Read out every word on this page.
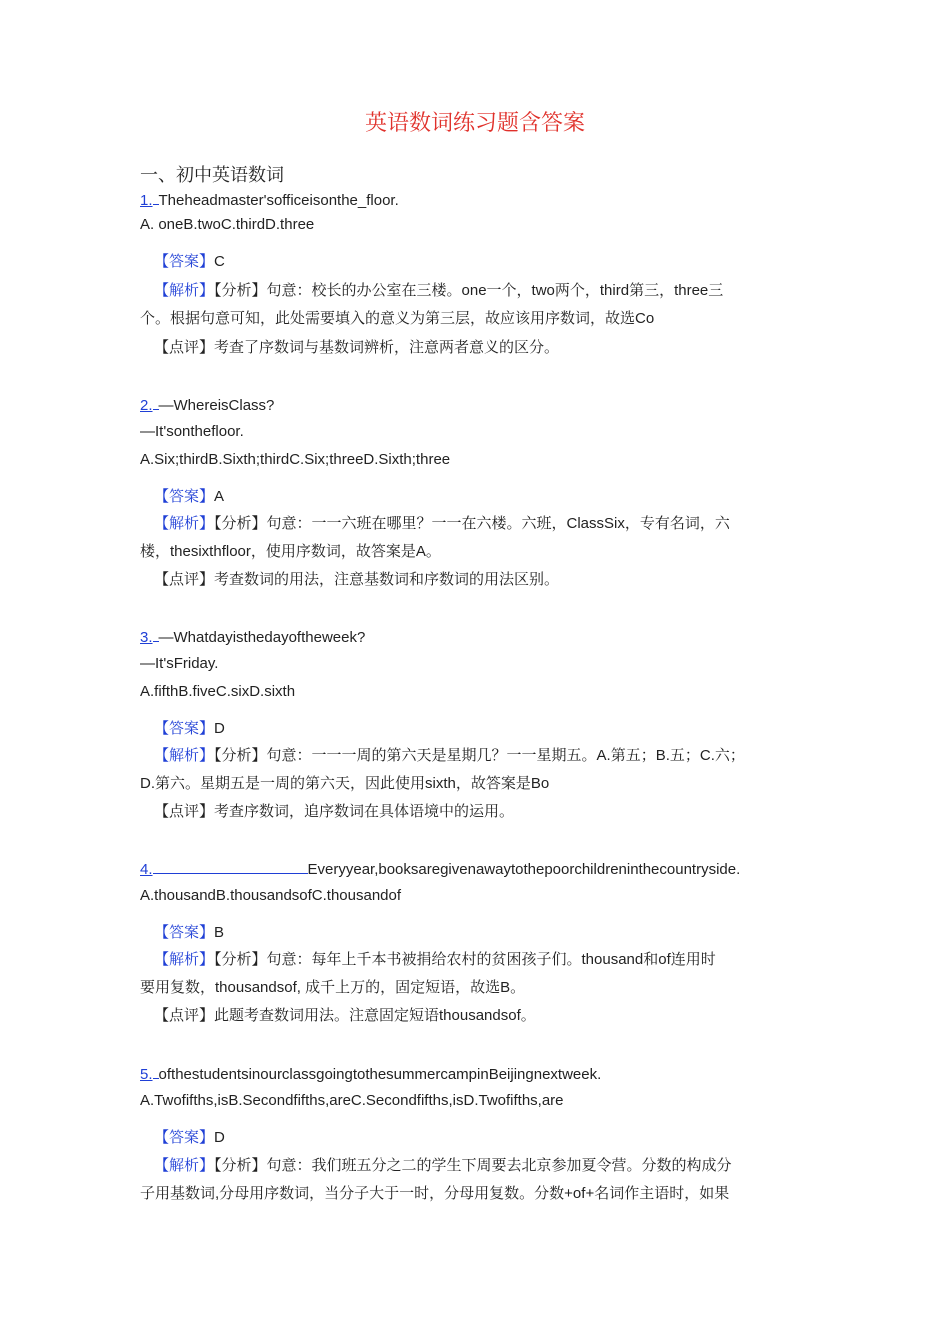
英语数词练习题含答案
一、初中英语数词
1. Theheadmaster'sofficeisonthe_floor.
A. oneB.twoC.thirdD.three
【答案】C
【解析】【分析】句意：校长的办公室在三楼。one一个，two两个，third第三，three三
个。根据句意可知，此处需要填入的意义为第三层，故应该用序数词，故选Co
【点评】考查了序数词与基数词辨析，注意两者意义的区分。
2. —WhereisClass?
—It'sonthefloor.
A.Six;thirdB.Sixth;thirdC.Six;threeD.Sixth;three
【答案】A
【解析】【分析】句意：一一六班在哪里？一一在六楼。六班，ClassSix，专有名词，六
楼，thesixthfloor，使用序数词，故答案是A。
【点评】考查数词的用法，注意基数词和序数词的用法区别。
3. —Whatdayisthedayoftheweek?
—It'sFriday.
A.fifthB.fiveC.sixD.sixth
【答案】D
【解析】【分析】句意：一一一周的第六天是星期几？一一星期五。A.第五；B.五；C.六；
D.第六。星期五是一周的第六天，因此使用sixth，故答案是Bo
【点评】考查序数词，追序数词在具体语境中的运用。
4.	Everyyear,booksaregivenawaytothepoorchildreninthecountryside.
A.thousandB.thousandsofC.thousandof
【答案】B
【解析】【分析】句意：每年上千本书被捐给农村的贫困孩子们。thousand和of连用时
要用复数，thousandsof, 成千上万的，固定短语，故选B。
【点评】此题考查数词用法。注意固定短语thousandsof。
5. ofthestudentsinourclassgoingtothesummercampinBeijingnextweek.
A.Twofifths,isB.Secondfifths,areC.Secondfifths,isD.Twofifths,are
【答案】D
【解析】【分析】句意：我们班五分之二的学生下周要去北京参加夏令营。分数的构成分
子用基数词,分母用序数词，当分子大于一时，分母用复数。分数+of+名词作主语时，如果
